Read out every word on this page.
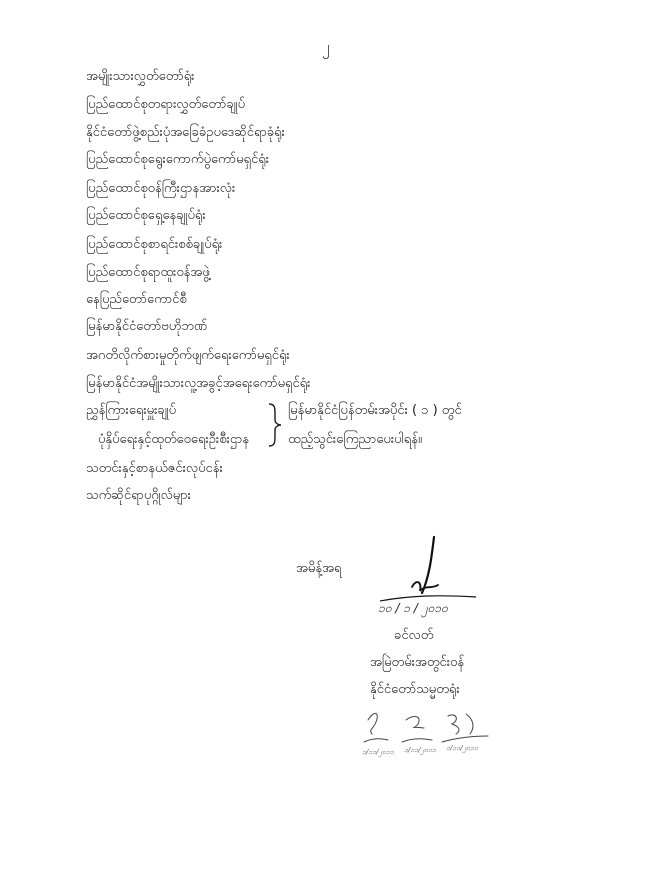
၂
အမျိုးသားလွှတ်တော်ရုံး
ပြည်ထောင်စုတရားလွှတ်တော်ချုပ်
နိုင်ငံတော်ဖွဲ့စည်းပုံအခြေခံဥပဒေဆိုင်ရာခုံရုံး
ပြည်ထောင်စုရွေးကောက်ပွဲကော်မရှင်ရုံး
ပြည်ထောင်စုဝန်ကြီးဌာနအားလုံး
ပြည်ထောင်စုရှေ့နေချုပ်ရုံး
ပြည်ထောင်စုစာရင်းစစ်ချုပ်ရုံး
ပြည်ထောင်စုရာထူးဝန်အဖွဲ့
နေပြည်တော်ကောင်စီ
မြန်မာနိုင်ငံတော်ဗဟိုဘဏ်
အဂတိလိုက်စားမှုတိုက်ဖျက်ရေးကော်မရှင်ရုံး
မြန်မာနိုင်ငံအမျိုးသားလူ့အခွင့်အရေးကော်မရှင်ရုံး
ညွှန်ကြားရေးမှူးချုပ်
ပုံနှိပ်ရေးနှင့်ထုတ်ဝေရေးဦးစီးဌာန
မြန်မာနိုင်ငံပြန်တမ်းအပိုင်း ( ၁ ) တွင်
ထည့်သွင်းကြေညာပေးပါရန်။
သတင်းနှင့်စာနယ်ဇင်းလုပ်ငန်း
သက်ဆိုင်ရာပုဂ္ဂိုလ်များ
အမိန့်အရ
၁၀ / ၁ / ၂၀၁၀
ခင်လတ်
အမြဲတမ်းအတွင်းဝန်
နိုင်ငံတော်သမ္မတရုံး
၁/၁၁/၂၀၁၁ ၁/၁၁/၂၀၁၁ ၁/၁၁/၂၀၁၁
